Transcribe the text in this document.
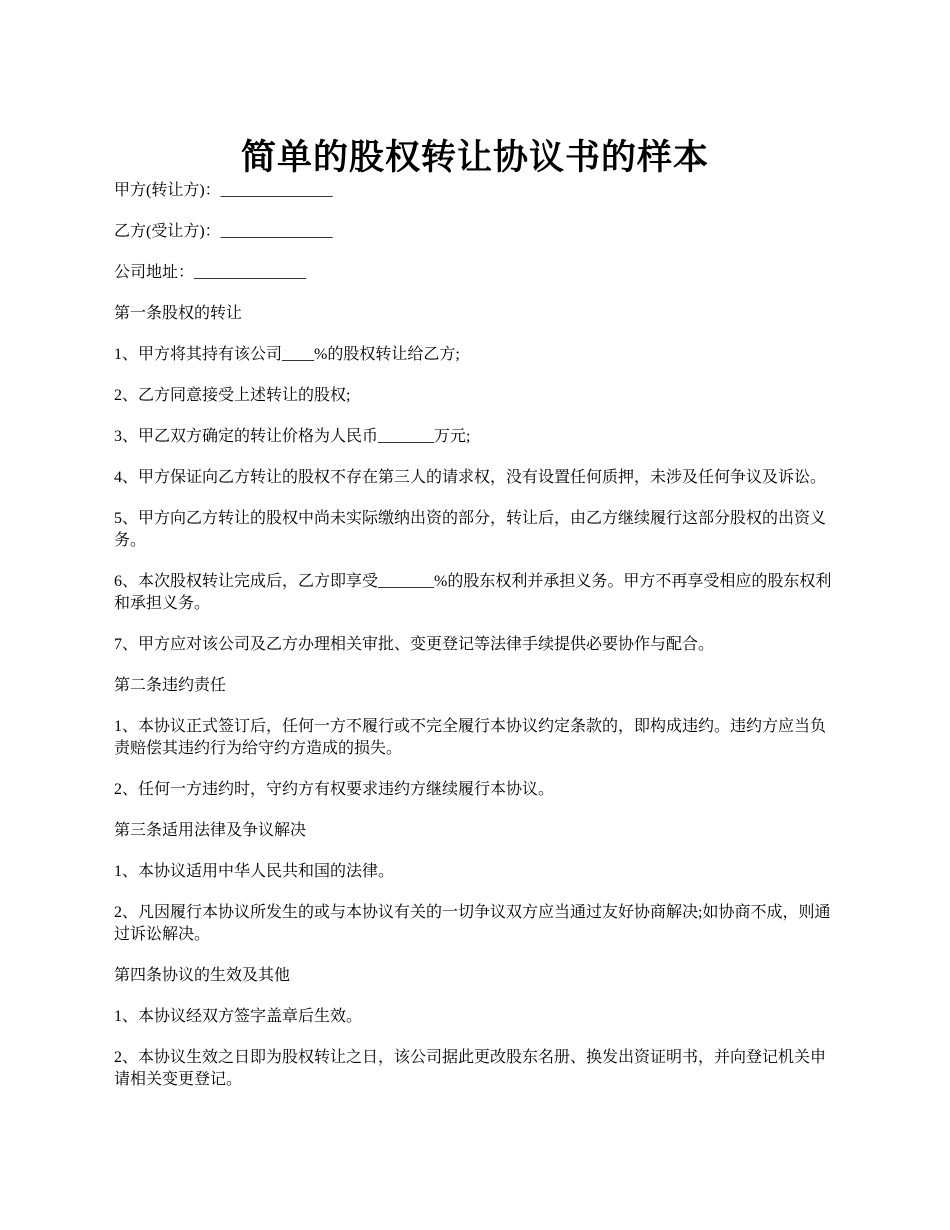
简单的股权转让协议书的样本

甲方(转让方)：______________

乙方(受让方)：______________

公司地址：______________

第一条股权的转让

1、甲方将其持有该公司____%的股权转让给乙方;

2、乙方同意接受上述转让的股权;

3、甲乙双方确定的转让价格为人民币_______万元;

4、甲方保证向乙方转让的股权不存在第三人的请求权，没有设置任何质押，未涉及任何争议及诉讼。

5、甲方向乙方转让的股权中尚未实际缴纳出资的部分，转让后，由乙方继续履行这部分股权的出资义务。

6、本次股权转让完成后，乙方即享受_______%的股东权利并承担义务。甲方不再享受相应的股东权利和承担义务。

7、甲方应对该公司及乙方办理相关审批、变更登记等法律手续提供必要协作与配合。

第二条违约责任

1、本协议正式签订后，任何一方不履行或不完全履行本协议约定条款的，即构成违约。违约方应当负责赔偿其违约行为给守约方造成的损失。

2、任何一方违约时，守约方有权要求违约方继续履行本协议。

第三条适用法律及争议解决

1、本协议适用中华人民共和国的法律。

2、凡因履行本协议所发生的或与本协议有关的一切争议双方应当通过友好协商解决;如协商不成，则通过诉讼解决。

第四条协议的生效及其他

1、本协议经双方签字盖章后生效。

2、本协议生效之日即为股权转让之日，该公司据此更改股东名册、换发出资证明书，并向登记机关申请相关变更登记。
